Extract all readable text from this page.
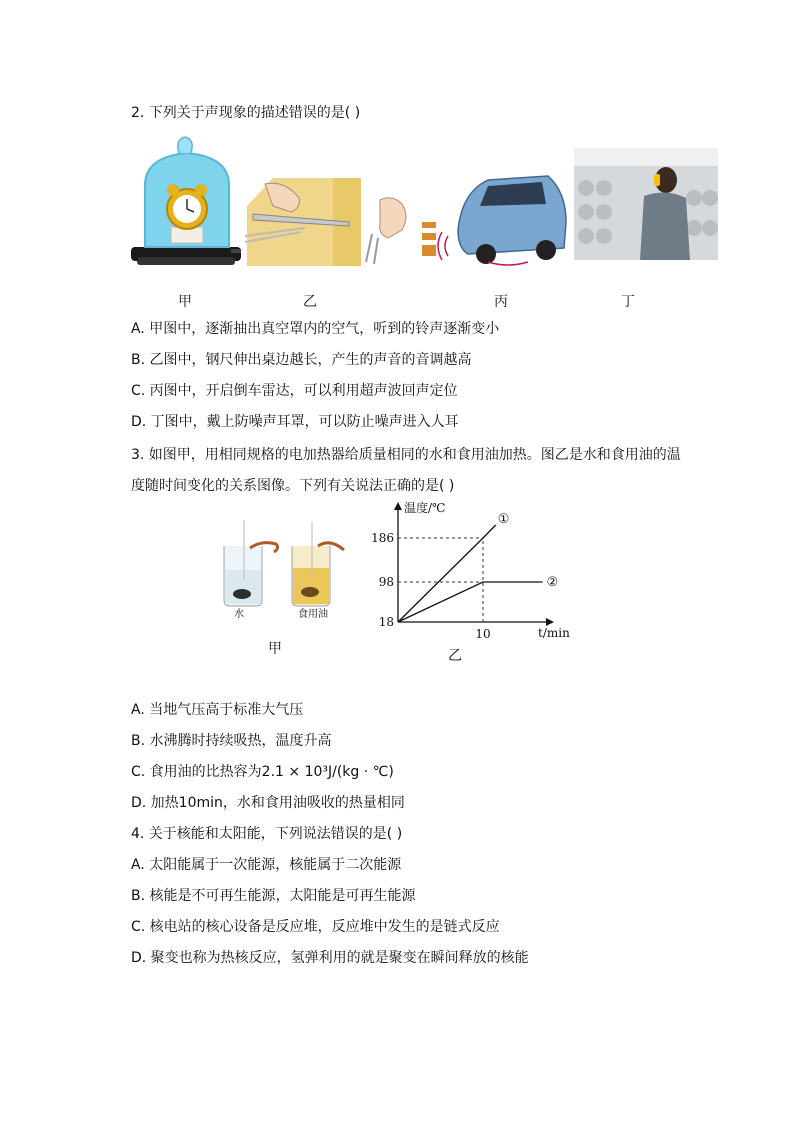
2. 下列关于声现象的描述错误的是( )
甲	乙	丙	丁
A. 甲图中，逐渐抽出真空罩内的空气，听到的铃声逐渐变小
B. 乙图中，钢尺伸出桌边越长，产生的声音的音调越高
C. 丙图中，开启倒车雷达，可以利用超声波回声定位
D. 丁图中，戴上防噪声耳罩，可以防止噪声进入人耳
3. 如图甲，用相同规格的电加热器给质量相同的水和食用油加热。图乙是水和食用油的温
度随时间变化的关系图像。下列有关说法正确的是( )
水	食用油
甲
①
②
18
98
186
10
温度/℃
t/min
乙
A. 当地气压高于标准大气压
B. 水沸腾时持续吸热，温度升高
C. 食用油的比热容为2.1 × 10³J/(kg · ℃)
D. 加热10min，水和食用油吸收的热量相同
4. 关于核能和太阳能，下列说法错误的是( )
A. 太阳能属于一次能源，核能属于二次能源
B. 核能是不可再生能源，太阳能是可再生能源
C. 核电站的核心设备是反应堆，反应堆中发生的是链式反应
D. 聚变也称为热核反应，氢弹利用的就是聚变在瞬间释放的核能
